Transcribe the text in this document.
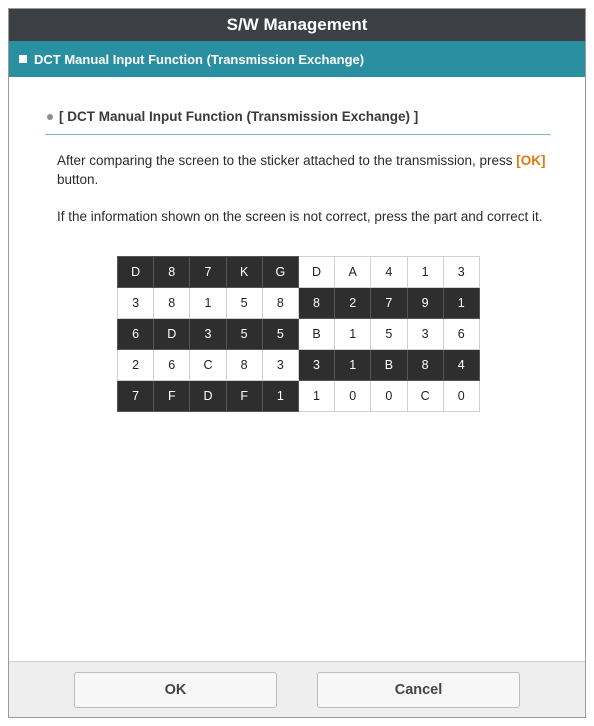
S/W Management
DCT Manual Input Function (Transmission Exchange)
[ DCT Manual Input Function (Transmission Exchange) ]

After comparing the screen to the sticker attached to the transmission, press [OK] button.

If the information shown on the screen is not correct, press the part and correct it.

D	8	7	K	G	D	A	4	1	3
3	8	1	5	8	8	2	7	9	1
6	D	3	5	5	B	1	5	3	6
2	6	C	8	3	3	1	B	8	4
7	F	D	F	1	1	0	0	C	0
OK	Cancel
